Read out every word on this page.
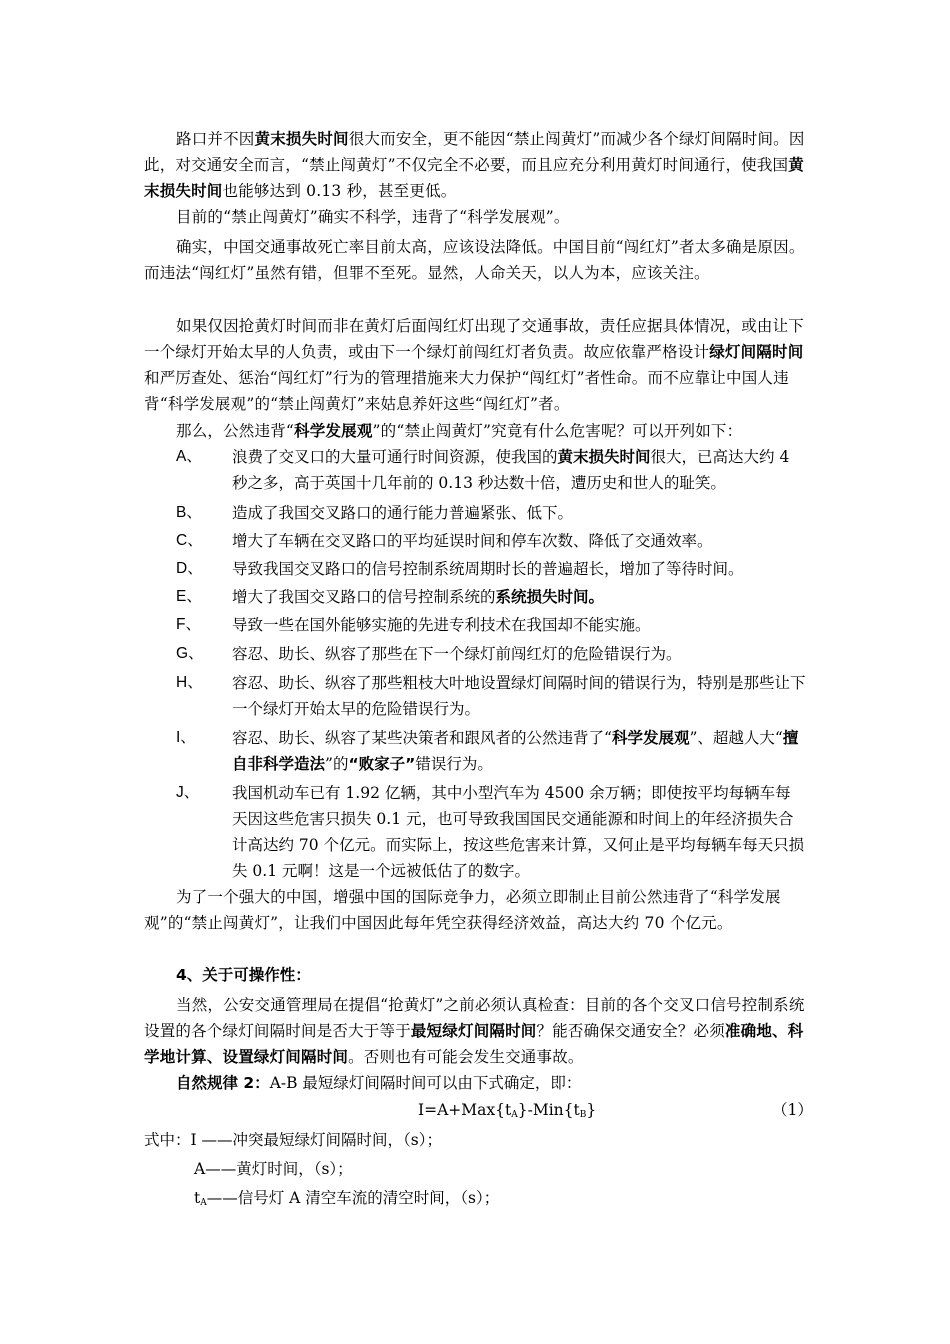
路口并不因黄末损失时间很大而安全，更不能因“禁止闯黄灯”而减少各个绿灯间隔时间。因此，对交通安全而言，“禁止闯黄灯”不仅完全不必要，而且应充分利用黄灯时间通行，使我国黄末损失时间也能够达到 0.13 秒，甚至更低。

目前的“禁止闯黄灯”确实不科学，违背了“科学发展观”。

确实，中国交通事故死亡率目前太高，应该设法降低。中国目前“闯红灯”者太多确是原因。而违法“闯红灯”虽然有错，但罪不至死。显然，人命关天，以人为本，应该关注。

如果仅因抢黄灯时间而非在黄灯后面闯红灯出现了交通事故，责任应据具体情况，或由让下一个绿灯开始太早的人负责，或由下一个绿灯前闯红灯者负责。故应依靠严格设计绿灯间隔时间和严厉查处、惩治“闯红灯”行为的管理措施来大力保护“闯红灯”者性命。而不应靠让中国人违背“科学发展观”的“禁止闯黄灯”来姑息养奸这些“闯红灯”者。

那么，公然违背“科学发展观”的“禁止闯黄灯”究竟有什么危害呢？可以开列如下：

A、	浪费了交叉口的大量可通行时间资源，使我国的黄末损失时间很大，已高达大约 4 秒之多，高于英国十几年前的 0.13 秒达数十倍，遭历史和世人的耻笑。
B、	造成了我国交叉路口的通行能力普遍紧张、低下。
C、	增大了车辆在交叉路口的平均延误时间和停车次数、降低了交通效率。
D、	导致我国交叉路口的信号控制系统周期时长的普遍超长，增加了等待时间。
E、	增大了我国交叉路口的信号控制系统的系统损失时间。
F、	导致一些在国外能够实施的先进专利技术在我国却不能实施。
G、	容忍、助长、纵容了那些在下一个绿灯前闯红灯的危险错误行为。
H、	容忍、助长、纵容了那些粗枝大叶地设置绿灯间隔时间的错误行为，特别是那些让下一个绿灯开始太早的危险错误行为。
I、	容忍、助长、纵容了某些决策者和跟风者的公然违背了“科学发展观”、超越人大“擅自非科学造法”的“败家子”错误行为。
J、	我国机动车已有 1.92 亿辆，其中小型汽车为 4500 余万辆；即使按平均每辆车每天因这些危害只损失 0.1 元，也可导致我国国民交通能源和时间上的年经济损失合计高达约 70 个亿元。而实际上，按这些危害来计算，又何止是平均每辆车每天只损失 0.1 元啊！这是一个远被低估了的数字。

为了一个强大的中国，增强中国的国际竞争力，必须立即制止目前公然违背了“科学发展观”的“禁止闯黄灯”，让我们中国因此每年凭空获得经济效益，高达大约 70 个亿元。

4、关于可操作性：

当然，公安交通管理局在提倡“抢黄灯”之前必须认真检查：目前的各个交叉口信号控制系统设置的各个绿灯间隔时间是否大于等于最短绿灯间隔时间？能否确保交通安全？必须准确地、科学地计算、设置绿灯间隔时间。否则也有可能会发生交通事故。

自然规律 2：A-B 最短绿灯间隔时间可以由下式确定，即：
$I=A+Max\{t_A\}-Min\{t_B\}$	（1）
式中：I ——冲突最短绿灯间隔时间，（s）；
A——黄灯时间，（s）；
$t_A——$信号灯 A 清空车流的清空时间，（s）；
